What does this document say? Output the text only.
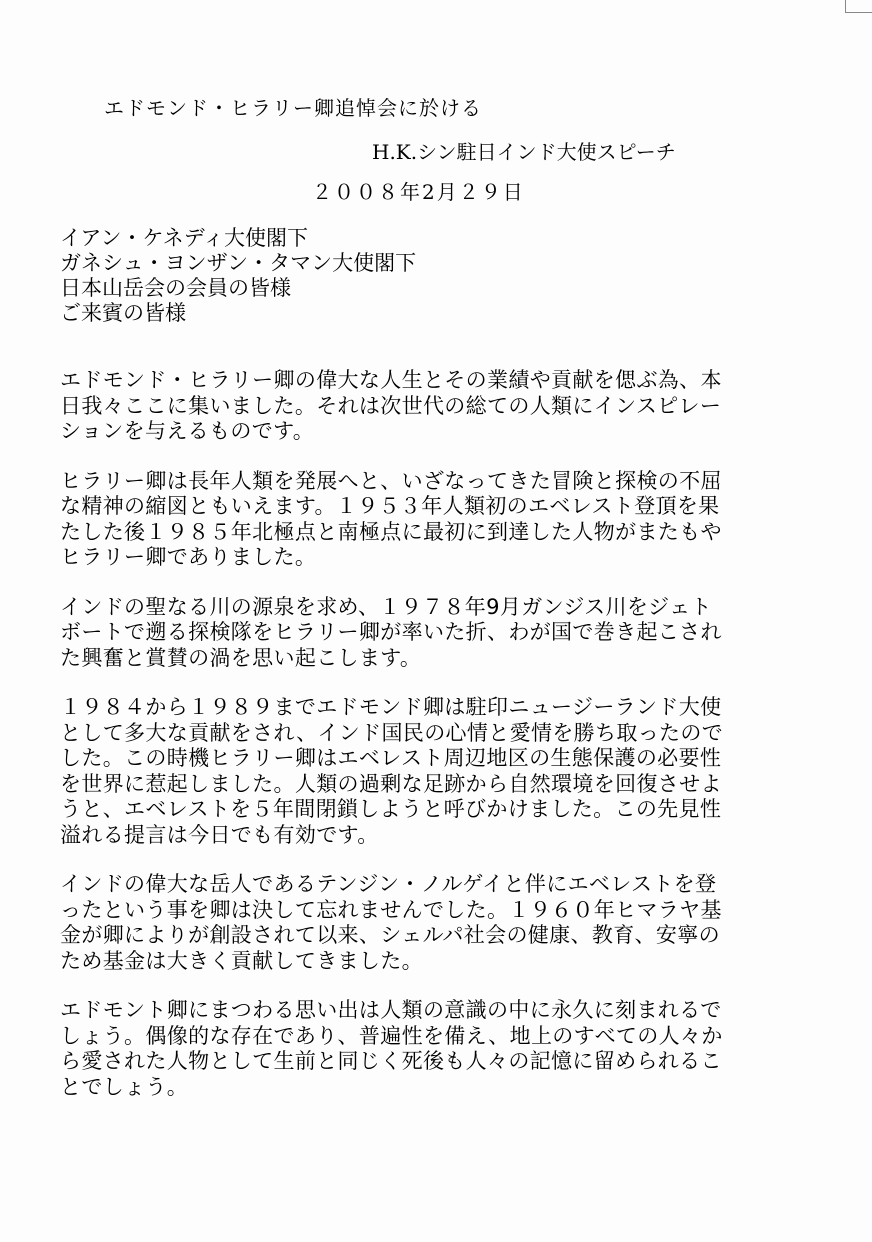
エドモンド・ヒラリー卿追悼会に於ける
H.K.シン駐日インド大使スピーチ
２００８年2月２９日
イアン・ケネディ大使閣下
ガネシュ・ヨンザン・タマン大使閣下
日本山岳会の会員の皆様
ご来賓の皆様
エドモンド・ヒラリー卿の偉大な人生とその業績や貢献を偲ぶ為、本
日我々ここに集いました。それは次世代の総ての人類にインスピレー
ションを与えるものです。
ヒラリー卿は長年人類を発展へと、いざなってきた冒険と探検の不屈
な精神の縮図ともいえます。１９５３年人類初のエベレスト登頂を果
たした後１９８５年北極点と南極点に最初に到達した人物がまたもや
ヒラリー卿でありました。
インドの聖なる川の源泉を求め、１９７８年9月ガンジス川をジェト
ボートで遡る探検隊をヒラリー卿が率いた折、わが国で巻き起こされ
た興奮と賞賛の渦を思い起こします。
１９８４から１９８９までエドモンド卿は駐印ニュージーランド大使
として多大な貢献をされ、インド国民の心情と愛情を勝ち取ったので
した。この時機ヒラリー卿はエベレスト周辺地区の生態保護の必要性
を世界に惹起しました。人類の過剰な足跡から自然環境を回復させよ
うと、エベレストを５年間閉鎖しようと呼びかけました。この先見性
溢れる提言は今日でも有効です。
インドの偉大な岳人であるテンジン・ノルゲイと伴にエベレストを登
ったという事を卿は決して忘れませんでした。１９６０年ヒマラヤ基
金が卿によりが創設されて以来、シェルパ社会の健康、教育、安寧の
ため基金は大きく貢献してきました。
エドモント卿にまつわる思い出は人類の意識の中に永久に刻まれるで
しょう。偶像的な存在であり、普遍性を備え、地上のすべての人々か
ら愛された人物として生前と同じく死後も人々の記憶に留められるこ
とでしょう。
